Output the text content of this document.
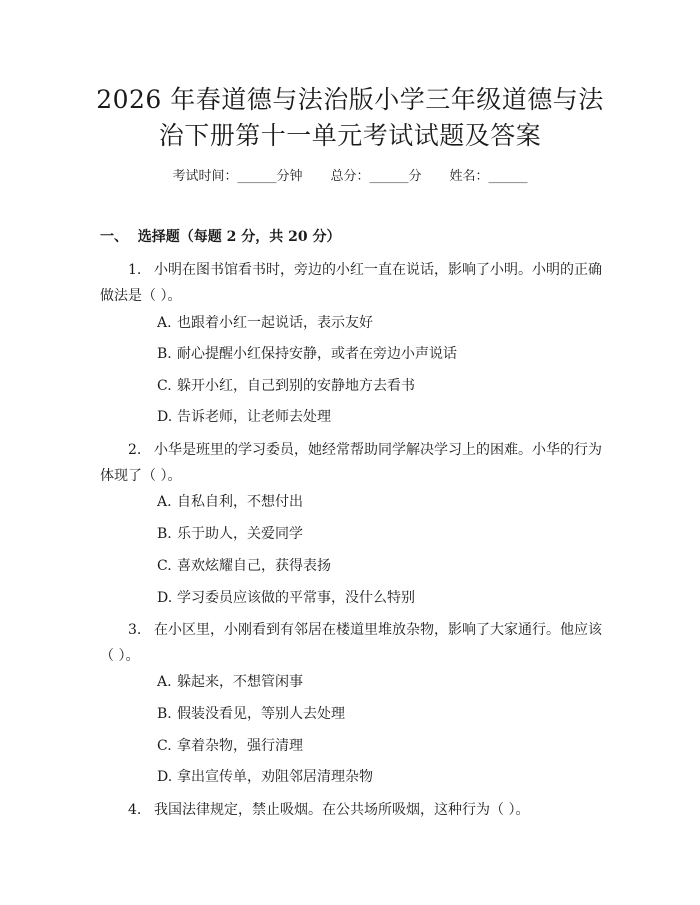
2026 年春道德与法治版小学三年级道德与法
治下册第十一单元考试试题及答案
考试时间：______分钟 总分：______分 姓名：______
一、  选择题（每题 2 分，共 20 分）

1. 小明在图书馆看书时，旁边的小红一直在说话，影响了小明。小明的正确做法是（ ）。

A. 也跟着小红一起说话，表示友好

B. 耐心提醒小红保持安静，或者在旁边小声说话

C. 躲开小红，自己到别的安静地方去看书

D. 告诉老师，让老师去处理

2. 小华是班里的学习委员，她经常帮助同学解决学习上的困难。小华的行为体现了（ ）。

A. 自私自利，不想付出

B. 乐于助人，关爱同学

C. 喜欢炫耀自己，获得表扬

D. 学习委员应该做的平常事，没什么特别

3. 在小区里，小刚看到有邻居在楼道里堆放杂物，影响了大家通行。他应该（ ）。

A. 躲起来，不想管闲事

B. 假装没看见，等别人去处理

C. 拿着杂物，强行清理

D. 拿出宣传单，劝阻邻居清理杂物

4. 我国法律规定，禁止吸烟。在公共场所吸烟，这种行为（ ）。
